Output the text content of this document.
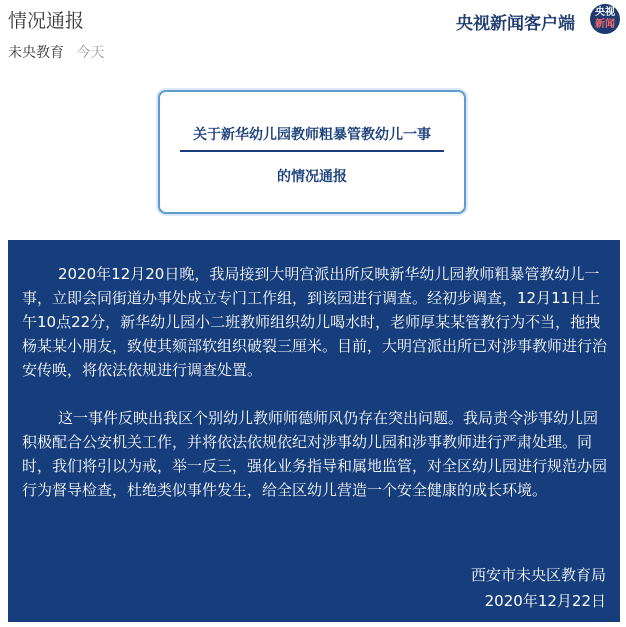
情况通报
未央教育 今天
央视新闻客户端
央视
新闻
关于新华幼儿园教师粗暴管教幼儿一事
的情况通报

2020年12月20日晚，我局接到大明宫派出所反映新华幼儿园教师粗暴管教幼儿一事，立即会同街道办事处成立专门工作组，到该园进行调查。经初步调查，12月11日上午10点22分，新华幼儿园小二班教师组织幼儿喝水时，老师厚某某管教行为不当，拖拽杨某某小朋友，致使其颏部软组织破裂三厘米。目前，大明宫派出所已对涉事教师进行治安传唤，将依法依规进行调查处置。

这一事件反映出我区个别幼儿教师师德师风仍存在突出问题。我局责令涉事幼儿园积极配合公安机关工作，并将依法依规依纪对涉事幼儿园和涉事教师进行严肃处理。同时，我们将引以为戒，举一反三，强化业务指导和属地监管，对全区幼儿园进行规范办园行为督导检查，杜绝类似事件发生，给全区幼儿营造一个安全健康的成长环境。

西安市未央区教育局
2020年12月22日
